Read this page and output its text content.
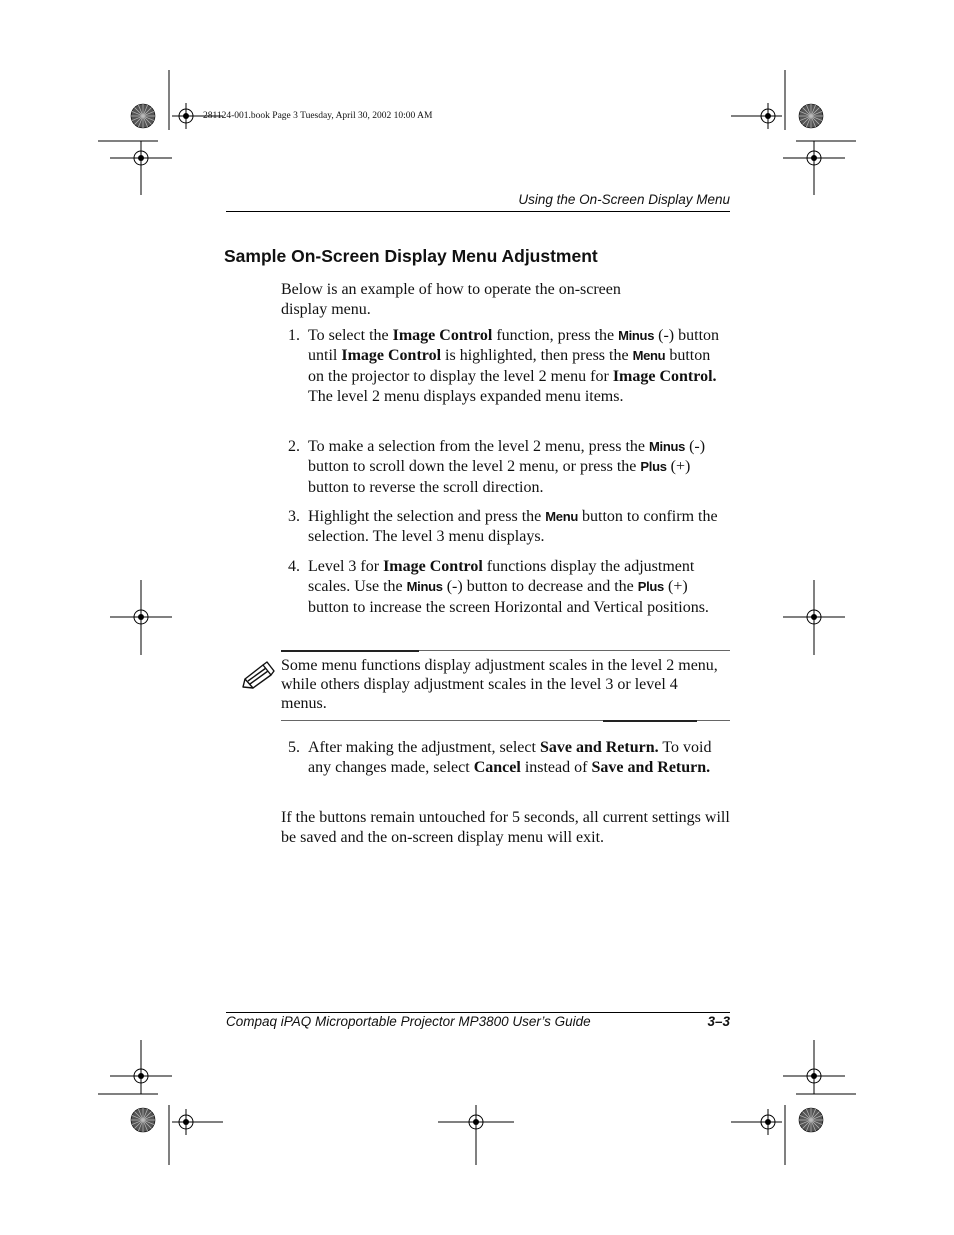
281124-001.book Page 3 Tuesday, April 30, 2002 10:00 AM
Using the On-Screen Display Menu
Sample On-Screen Display Menu Adjustment
Below is an example of how to operate the on-screen
display menu.
1. To select the Image Control function, press the Minus (-) button until Image Control is highlighted, then press the Menu button on the projector to display the level 2 menu for Image Control. The level 2 menu displays expanded menu items.
2. To make a selection from the level 2 menu, press the Minus (-) button to scroll down the level 2 menu, or press the Plus (+) button to reverse the scroll direction.
3. Highlight the selection and press the Menu button to confirm the selection. The level 3 menu displays.
4. Level 3 for Image Control functions display the adjustment scales. Use the Minus (-) button to decrease and the Plus (+) button to increase the screen Horizontal and Vertical positions.
Some menu functions display adjustment scales in the level 2 menu, while others display adjustment scales in the level 3 or level 4 menus.
5. After making the adjustment, select Save and Return. To void any changes made, select Cancel instead of Save and Return.
If the buttons remain untouched for 5 seconds, all current settings will be saved and the on-screen display menu will exit.
Compaq iPAQ Microportable Projector MP3800 User’s Guide	3–3
